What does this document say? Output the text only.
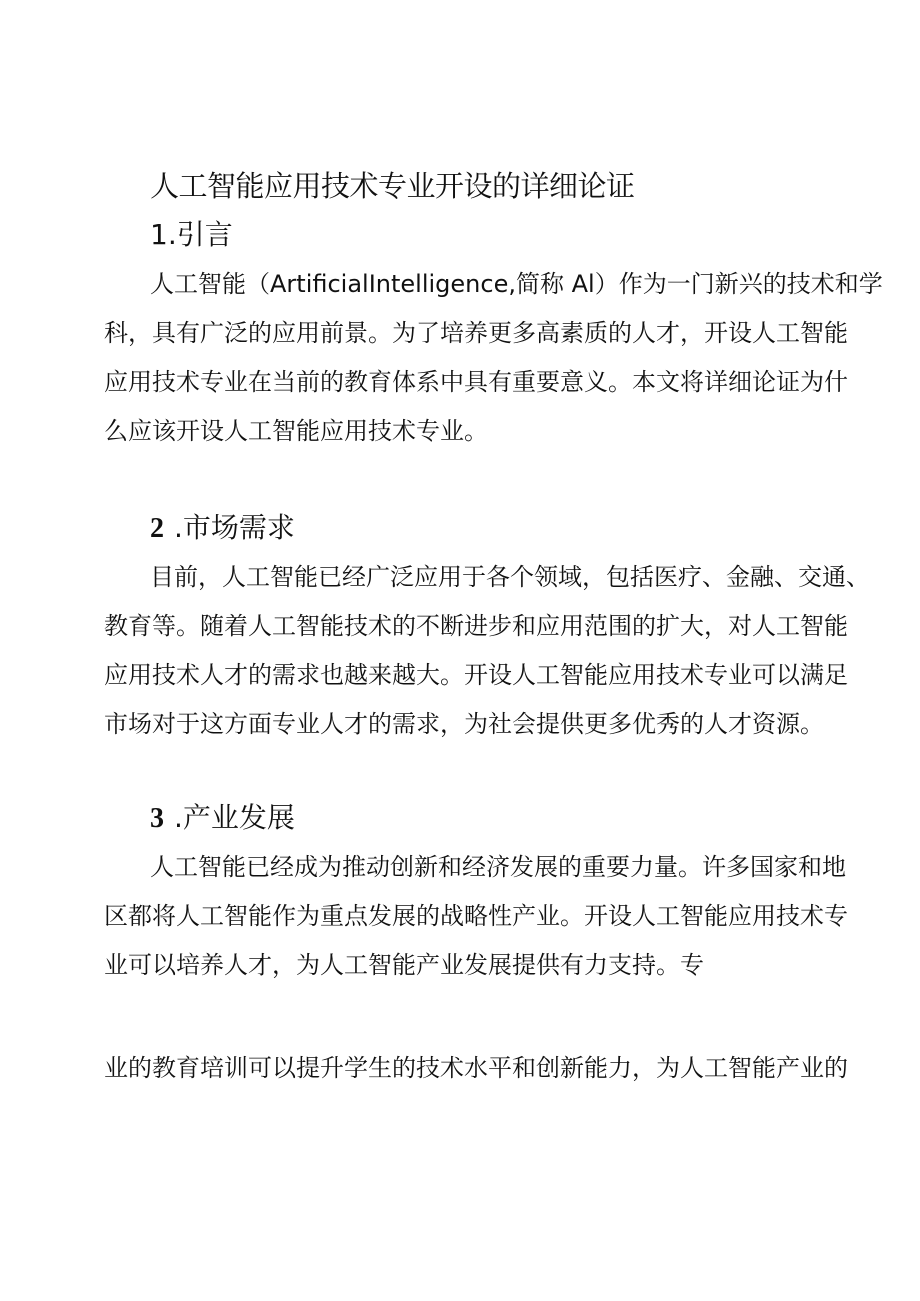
人工智能应用技术专业开设的详细论证
1.引言
人工智能（ArtificialIntelligence,简称 Al）作为一门新兴的技术和学
科，具有广泛的应用前景。为了培养更多高素质的人才，开设人工智能
应用技术专业在当前的教育体系中具有重要意义。本文将详细论证为什
么应该开设人工智能应用技术专业。
2 .市场需求
目前，人工智能已经广泛应用于各个领域，包括医疗、金融、交通、
教育等。随着人工智能技术的不断进步和应用范围的扩大，对人工智能
应用技术人才的需求也越来越大。开设人工智能应用技术专业可以满足
市场对于这方面专业人才的需求，为社会提供更多优秀的人才资源。
3 .产业发展
人工智能已经成为推动创新和经济发展的重要力量。许多国家和地
区都将人工智能作为重点发展的战略性产业。开设人工智能应用技术专
业可以培养人才，为人工智能产业发展提供有力支持。专
业的教育培训可以提升学生的技术水平和创新能力，为人工智能产业的
